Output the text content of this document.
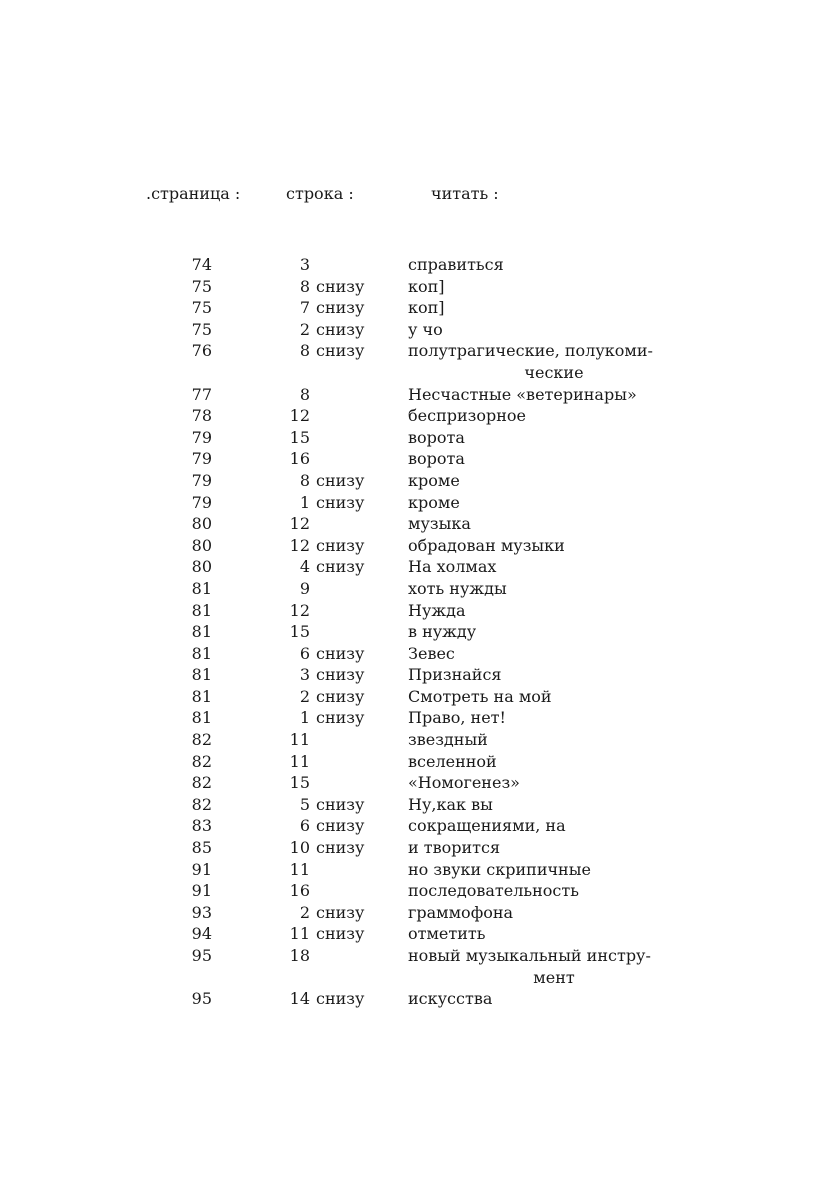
.страница :	строка :	читать :
74	3	справиться
75	8 снизу	коп]
75	7 снизу	коп]
75	2 снизу	у чо
76	8 снизу	полутрагические, полукоми-
ческие
77	8	Несчастные «ветеринары»
78	12	беспризорное
79	15	ворота
79	16	ворота
79	8 снизу	кроме
79	1 снизу	кроме
80	12	музыка
80	12 снизу	обрадован музыки
80	4 снизу	На холмах
81	9	хоть нужды
81	12	Нужда
81	15	в нужду
81	6 снизу	Зевес
81	3 снизу	Признайся
81	2 снизу	Смотреть на мой
81	1 снизу	Право, нет!
82	11	звездный
82	11	вселенной
82	15	«Номогенез»
82	5 снизу	Ну,как вы
83	6 снизу	сокращениями, на
85	10 снизу	и творится
91	11	но звуки скрипичные
91	16	последовательность
93	2 снизу	граммофона
94	11 снизу	отметить
95	18	новый музыкальный инстру-
мент
95	14 снизу	искусства
